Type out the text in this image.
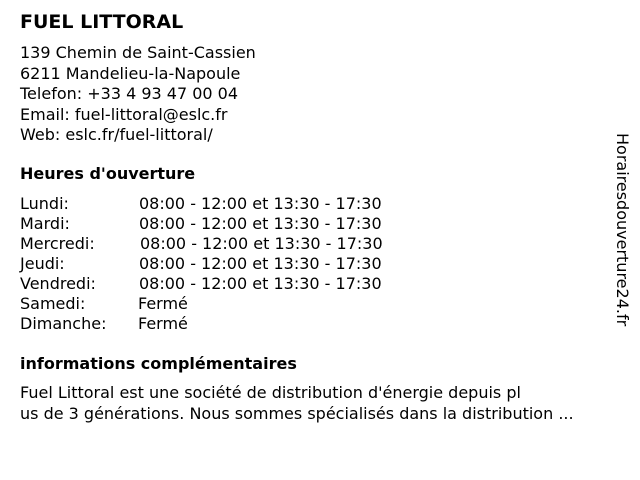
FUEL LITTORAL
139 Chemin de Saint-Cassien
6211 Mandelieu-la-Napoule
Telefon: +33 4 93 47 00 04
Email: fuel-littoral@eslc.fr
Web: eslc.fr/fuel-littoral/
Heures d'ouverture
Lundi:	08:00 - 12:00 et 13:30 - 17:30
Mardi:	08:00 - 12:00 et 13:30 - 17:30
Mercredi:	08:00 - 12:00 et 13:30 - 17:30
Jeudi:	08:00 - 12:00 et 13:30 - 17:30
Vendredi:	08:00 - 12:00 et 13:30 - 17:30
Samedi:	Fermé
Dimanche: Fermé
informations complémentaires
Fuel Littoral est une société de distribution d'énergie depuis pl
us de 3 générations. Nous sommes spécialisés dans la distribution ...
Horairesdouverture24.fr
